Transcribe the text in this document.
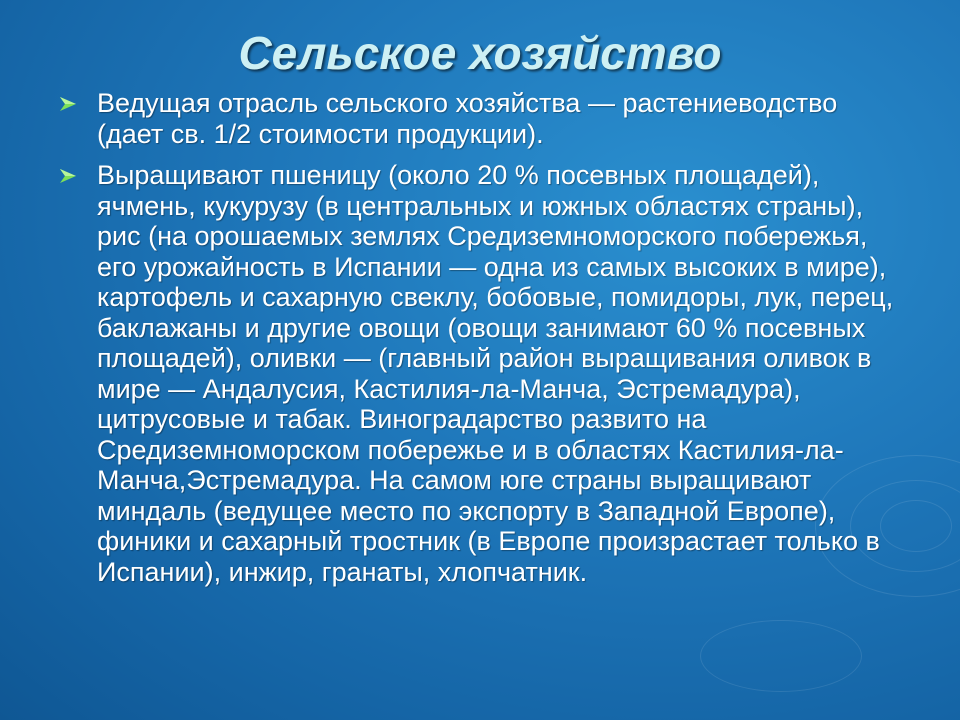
Сельское хозяйство
Ведущая отрасль сельского хозяйства — растениеводство (дает св. 1/2 стоимости продукции).
Выращивают пшеницу (около 20 % посевных площадей), ячмень, кукурузу (в центральных и южных областях страны), рис (на орошаемых землях Средиземноморского побережья, его урожайность в Испании — одна из самых высоких в мире), картофель и сахарную свеклу, бобовые, помидоры, лук, перец, баклажаны и другие овощи (овощи занимают 60 % посевных площадей), оливки — (главный район выращивания оливок в мире — Андалусия, Кастилия-ла-Манча, Эстремадура), цитрусовые и табак. Виноградарство развито на Средиземноморском побережье и в областях Кастилия-ла-Манча,Эстремадура. На самом юге страны выращивают миндаль (ведущее место по экспорту в Западной Европе), финики и сахарный тростник (в Европе произрастает только в Испании), инжир, гранаты, хлопчатник.
